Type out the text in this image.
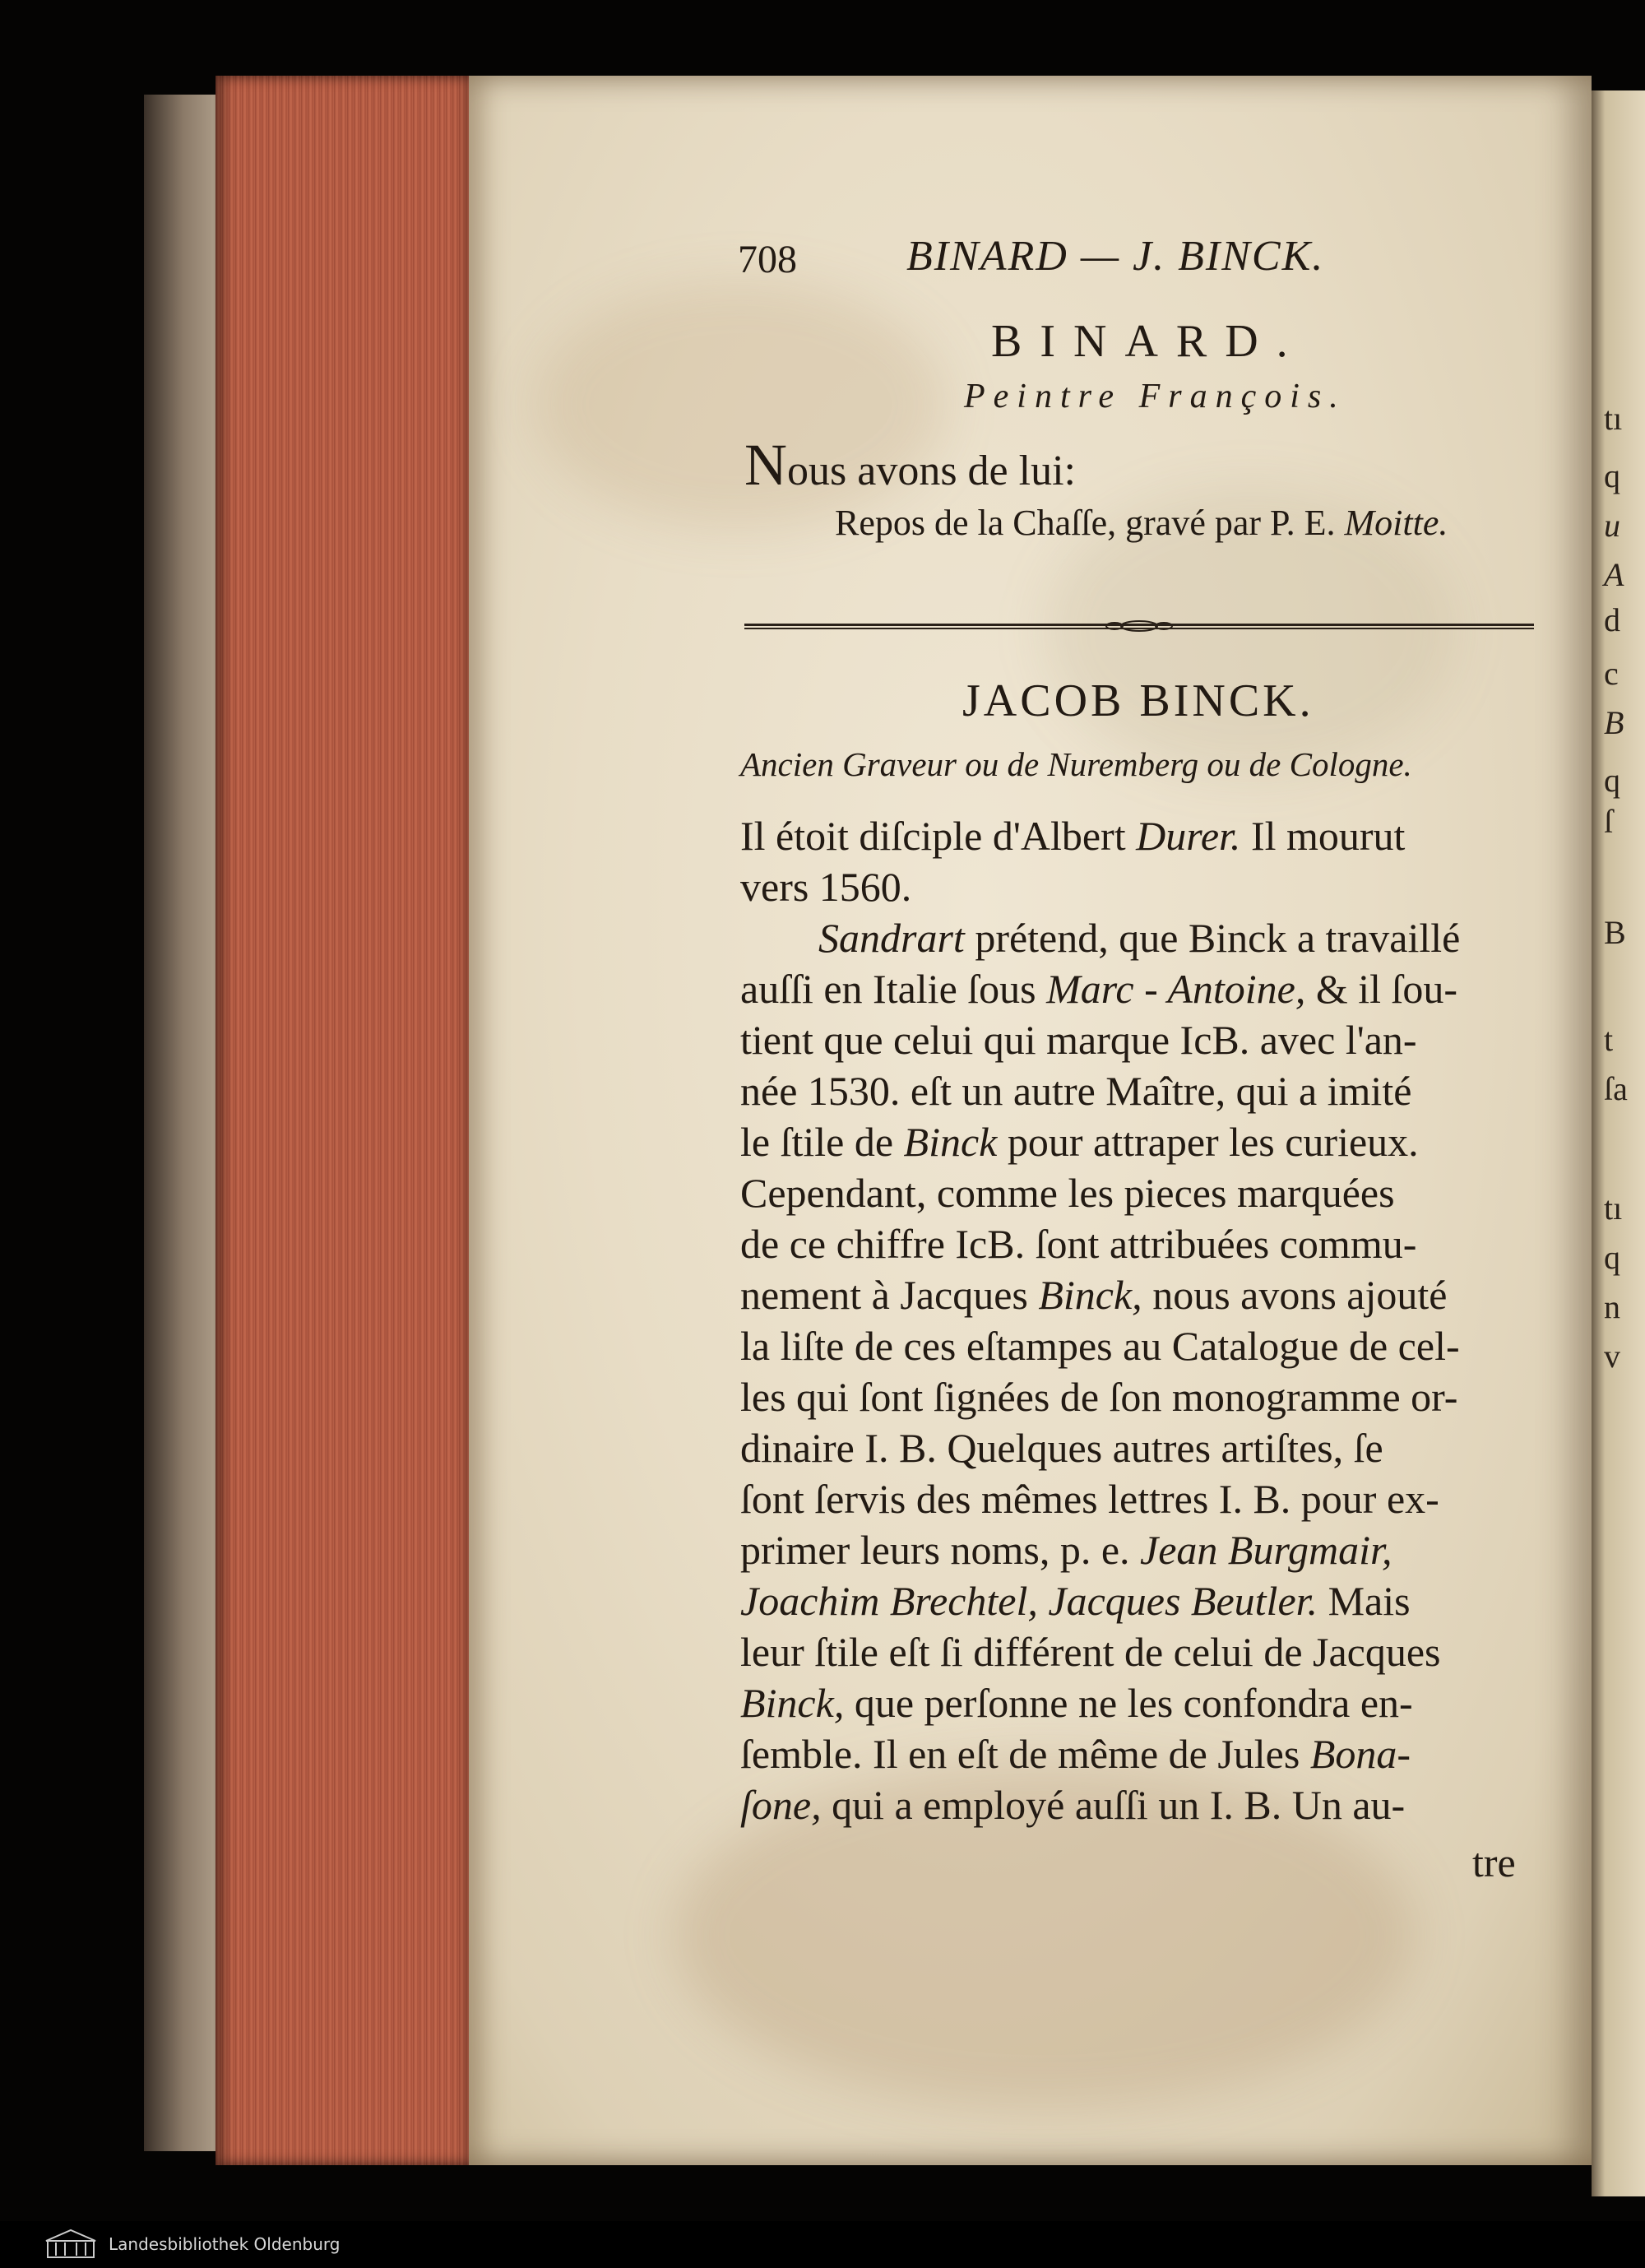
tı
q
u
A
d
c
B
q
ſ
B
t
ſa
tı
q
n
v
708	BINARD — J. BINCK.
BINARD.
Peintre François.
Nous avons de lui:
Repos de la Chaſſe, gravé par P. E. Moitte.
JACOB BINCK.
Ancien Graveur ou de Nuremberg ou de Cologne.
Il étoit diſciple d'Albert Durer. Il mourut
vers 1560.
Sandrart prétend, que Binck a travaillé
auſſi en Italie ſous Marc - Antoine, & il ſou-
tient que celui qui marque IcB. avec l'an-
née 1530. eſt un autre Maître, qui a imité
le ſtile de Binck pour attraper les curieux.
Cependant, comme les pieces marquées
de ce chiffre IcB. ſont attribuées commu-
nement à Jacques Binck, nous avons ajouté
la liſte de ces eſtampes au Catalogue de cel-
les qui ſont ſignées de ſon monogramme or-
dinaire I. B. Quelques autres artiſtes, ſe
ſont ſervis des mêmes lettres I. B. pour ex-
primer leurs noms, p. e. Jean Burgmair,
Joachim Brechtel, Jacques Beutler. Mais
leur ſtile eſt ſi différent de celui de Jacques
Binck, que perſonne ne les confondra en-
ſemble. Il en eſt de même de Jules Bona-
ſone, qui a employé auſſi un I. B. Un au-
tre
Landesbibliothek Oldenburg
